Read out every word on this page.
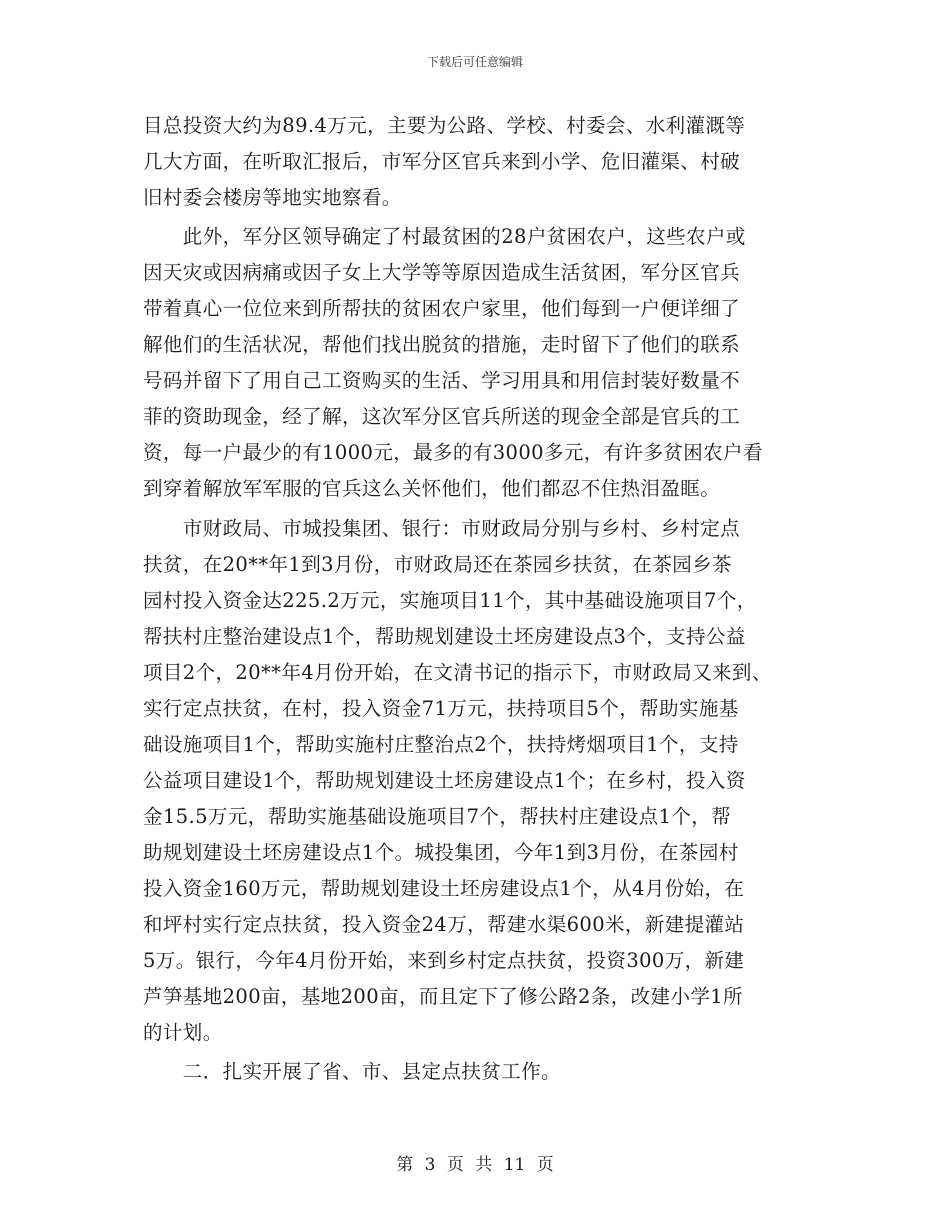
下载后可任意编辑
目总投资大约为89.4万元，主要为公路、学校、村委会、水利灌溉等
几大方面，在听取汇报后，市军分区官兵来到小学、危旧灌渠、村破
旧村委会楼房等地实地察看。
　　此外，军分区领导确定了村最贫困的28户贫困农户，这些农户或
因天灾或因病痛或因子女上大学等等原因造成生活贫困，军分区官兵
带着真心一位位来到所帮扶的贫困农户家里，他们每到一户便详细了
解他们的生活状况，帮他们找出脱贫的措施，走时留下了他们的联系
号码并留下了用自己工资购买的生活、学习用具和用信封装好数量不
菲的资助现金，经了解，这次军分区官兵所送的现金全部是官兵的工
资，每一户最少的有1000元，最多的有3000多元，有许多贫困农户看
到穿着解放军军服的官兵这么关怀他们，他们都忍不住热泪盈眶。
　　市财政局、市城投集团、银行：市财政局分别与乡村、乡村定点
扶贫，在20**年1到3月份，市财政局还在茶园乡扶贫，在茶园乡茶
园村投入资金达225.2万元，实施项目11个，其中基础设施项目7个，
帮扶村庄整治建设点1个，帮助规划建设土坯房建设点3个，支持公益
项目2个，20**年4月份开始，在文清书记的指示下，市财政局又来到、
实行定点扶贫，在村，投入资金71万元，扶持项目5个，帮助实施基
础设施项目1个，帮助实施村庄整治点2个，扶持烤烟项目1个，支持
公益项目建设1个，帮助规划建设土坯房建设点1个；在乡村，投入资
金15.5万元，帮助实施基础设施项目7个，帮扶村庄建设点1个，帮
助规划建设土坯房建设点1个。城投集团，今年1到3月份，在茶园村
投入资金160万元，帮助规划建设土坯房建设点1个，从4月份始，在
和坪村实行定点扶贫，投入资金24万，帮建水渠600米，新建提灌站
5万。银行，今年4月份开始，来到乡村定点扶贫，投资300万，新建
芦笋基地200亩，基地200亩，而且定下了修公路2条，改建小学1所
的计划。
　　二．扎实开展了省、市、县定点扶贫工作。
第 3 页 共 11 页
